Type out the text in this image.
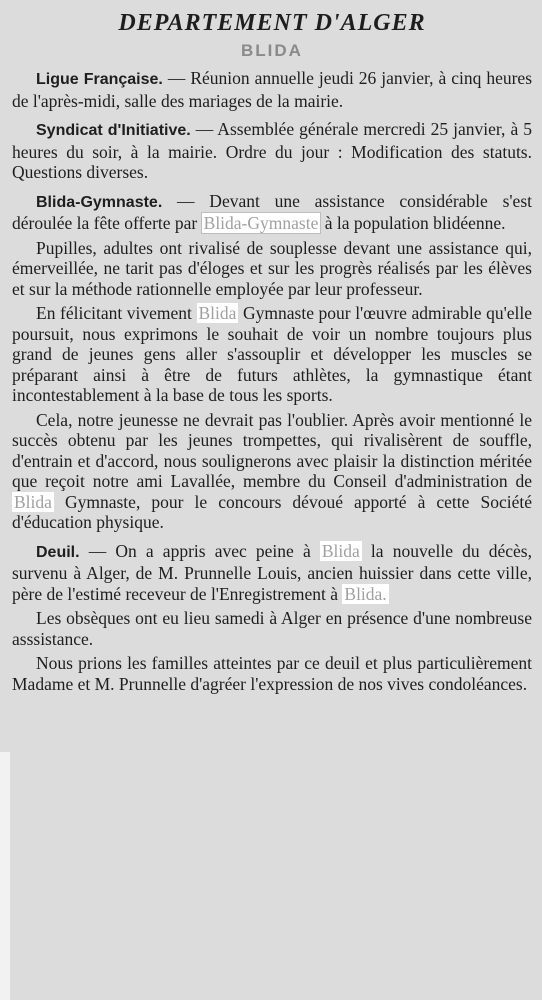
DEPARTEMENT D'ALGER
BLIDA

Ligue Française. — Réunion annuelle jeudi 26 janvier, à cinq heures de l'après-midi, salle des mariages de la mairie.

Syndicat d'Initiative. — Assemblée générale mercredi 25 janvier, à 5 heures du soir, à la mairie. Ordre du jour : Modification des statuts. Questions diverses.

Blida-Gymnaste. — Devant une assistance considérable s'est déroulée la fête offerte par Blida-Gymnaste à la population blidéenne.

Pupilles, adultes ont rivalisé de souplesse devant une assistance qui, émerveillée, ne tarit pas d'éloges et sur les progrès réalisés par les élèves et sur la méthode rationnelle employée par leur professeur.

En félicitant vivement Blida Gymnaste pour l'œuvre admirable qu'elle poursuit, nous exprimons le souhait de voir un nombre toujours plus grand de jeunes gens aller s'assouplir et développer les muscles se préparant ainsi à être de futurs athlètes, la gymnastique étant incontestablement à la base de tous les sports.

Cela, notre jeunesse ne devrait pas l'oublier. Après avoir mentionné le succès obtenu par les jeunes trompettes, qui rivalisèrent de souffle, d'entrain et d'accord, nous soulignerons avec plaisir la distinction méritée que reçoit notre ami Lavallée, membre du Conseil d'administration de Blida Gymnaste, pour le concours dévoué apporté à cette Société d'éducation physique.

Deuil. — On a appris avec peine à Blida la nouvelle du décès, survenu à Alger, de M. Prunnelle Louis, ancien huissier dans cette ville, père de l'estimé receveur de l'Enregistrement à Blida.

Les obsèques ont eu lieu samedi à Alger en présence d'une nombreuse asssistance.

Nous prions les familles atteintes par ce deuil et plus particulièrement Madame et M. Prunnelle d'agréer l'expression de nos vives condoléances.
